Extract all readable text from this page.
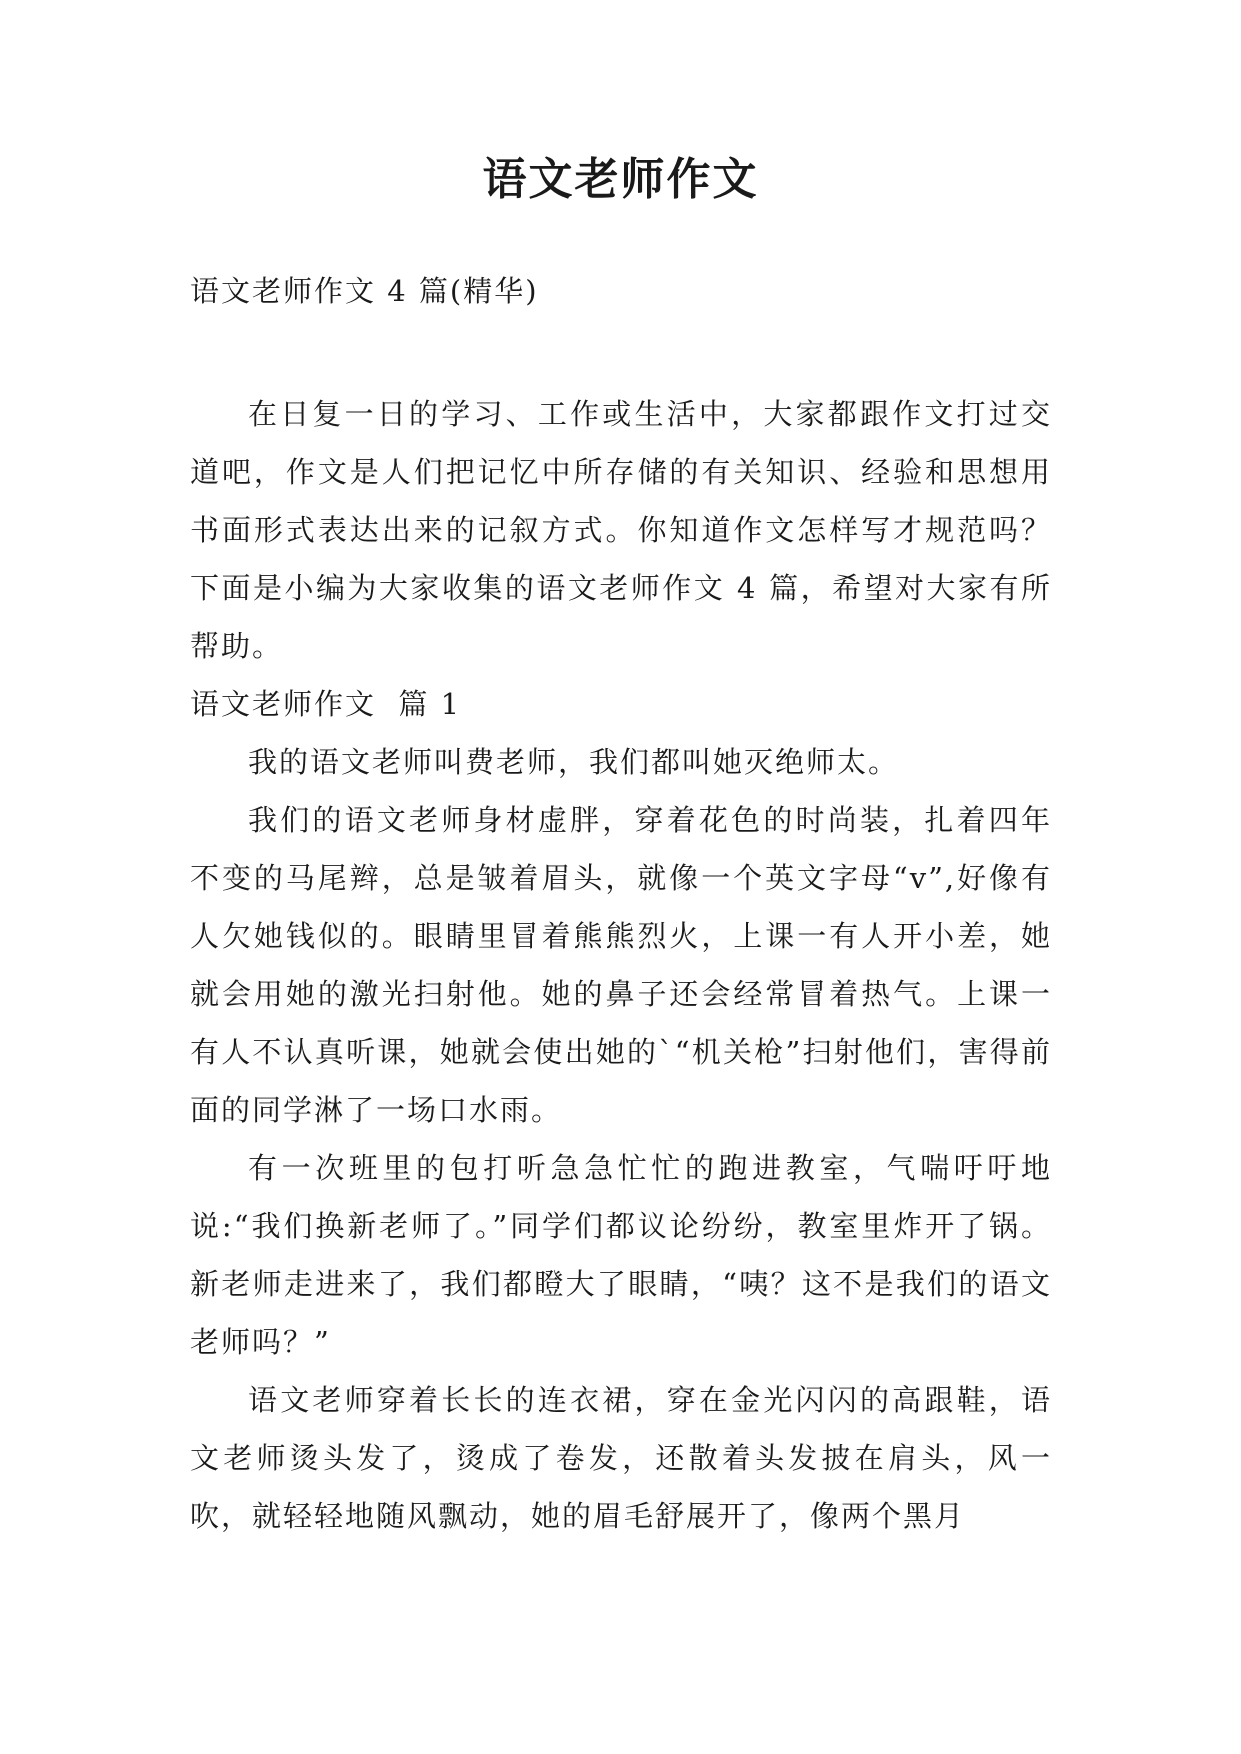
语文老师作文

语文老师作文 4 篇(精华)

在日复一日的学习、工作或生活中，大家都跟作文打过交道吧，作文是人们把记忆中所存储的有关知识、经验和思想用书面形式表达出来的记叙方式。你知道作文怎样写才规范吗？下面是小编为大家收集的语文老师作文 4 篇，希望对大家有所帮助。

语文老师作文  篇 1

我的语文老师叫费老师，我们都叫她灭绝师太。

我们的语文老师身材虚胖，穿着花色的时尚装，扎着四年不变的马尾辫，总是皱着眉头，就像一个英文字母“v”,好像有人欠她钱似的。眼睛里冒着熊熊烈火，上课一有人开小差，她就会用她的激光扫射他。她的鼻子还会经常冒着热气。上课一有人不认真听课，她就会使出她的`“机关枪”扫射他们，害得前面的同学淋了一场口水雨。

有一次班里的包打听急急忙忙的跑进教室，气喘吁吁地说:“我们换新老师了。”同学们都议论纷纷，教室里炸开了锅。新老师走进来了，我们都瞪大了眼睛，“咦？这不是我们的语文老师吗？”

语文老师穿着长长的连衣裙，穿在金光闪闪的高跟鞋，语文老师烫头发了，烫成了卷发，还散着头发披在肩头，风一吹，就轻轻地随风飘动，她的眉毛舒展开了，像两个黑月
